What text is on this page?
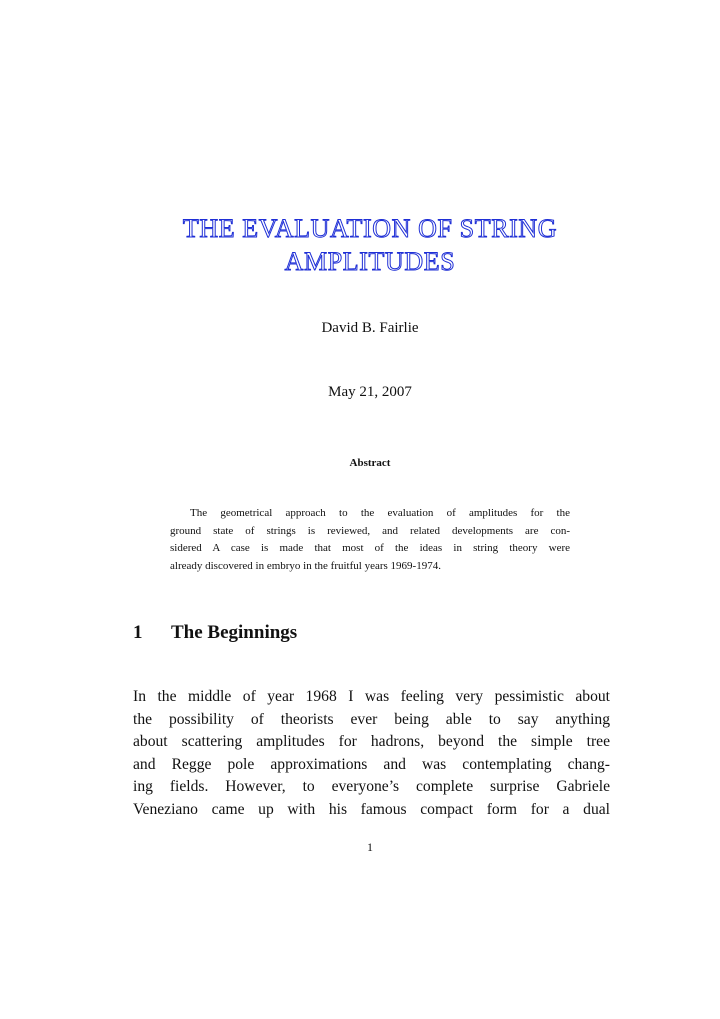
THE EVALUATION OF STRING
AMPLITUDES
David B. Fairlie
May 21, 2007
Abstract
The geometrical approach to the evaluation of amplitudes for the
ground state of strings is reviewed, and related developments are con-
sidered A case is made that most of the ideas in string theory were
already discovered in embryo in the fruitful years 1969-1974.
1 The Beginnings
In the middle of year 1968 I was feeling very pessimistic about
the possibility of theorists ever being able to say anything
about scattering amplitudes for hadrons, beyond the simple tree
and Regge pole approximations and was contemplating chang-
ing fields. However, to everyone’s complete surprise Gabriele
Veneziano came up with his famous compact form for a dual
1
